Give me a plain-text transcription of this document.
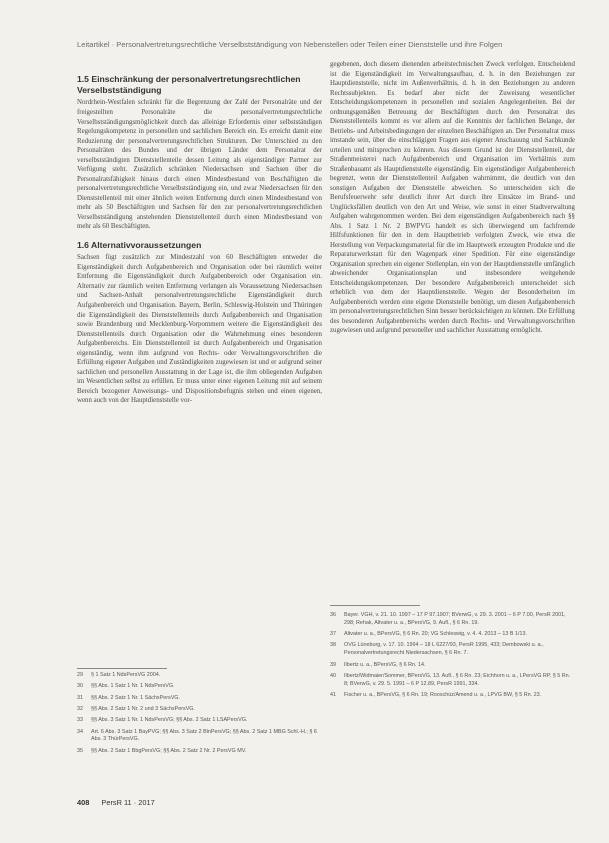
Leitartikel · Personalvertretungsrechtliche Verselbstständigung von Nebenstellen oder Teilen einer Dienststelle und ihre Folgen
1.5 Einschränkung der personalvertretungsrechtlichen Verselbstständigung

Nordrhein-Westfalen schränkt für die Begrenzung der Zahl der Personalräte und der freigestellten Personalräte die personalvertretungsrechtliche Verselbstständigungsmöglichkeit durch das alleinige Erfordernis einer selbstständigen Regelungskompetenz in personellen und sachlichen Bereich ein. Es erreicht damit eine Reduzierung der personalvertretungsrechtlichen Strukturen. Der Unterschied zu den Personalräten des Bundes und der übrigen Länder dem Personalrat der verselbstständigten Dienststellenteile dessen Leitung als eigenständiger Partner zur Verfügung steht. Zusätzlich schränken Niedersachsen und Sachsen über die Personalratsfähigkeit hinaus durch einen Mindestbestand von Beschäftigten die personalvertretungsrechtliche Verselbstständigung ein, und zwar Niedersachsen für den Dienststellenteil mit einer ähnlich weiten Entfernung durch einen Mindestbestand von mehr als 50 Beschäftigten und Sachsen für den zur personalvertretungsrechtlichen Verselbstständigung anstehenden Dienststellenteil durch einen Mindestbestand von mehr als 60 Beschäftigten.

1.6 Alternativvoraussetzungen

Sachsen fügt zusätzlich zur Mindestzahl von 60 Beschäftigten entweder die Eigenständigkeit durch Aufgabenbereich und Organisation oder bei räumlich weiter Entfernung die Eigenständigkeit durch Aufgabenbereich oder Organisation ein. Alternativ zur räumlich weiten Entfernung verlangen als Voraussetzung Niedersachsen und Sachsen-Anhalt personalvertretungsrechtliche Eigenständigkeit durch Aufgabenbereich und Organisation. Bayern, Berlin, Schleswig-Holstein und Thüringen die Eigenständigkeit des Dienststellenteils durch Aufgabenbereich und Organisation sowie Brandenburg und Mecklenburg-Vorpommern weitere die Eigenständigkeit des Dienststellenteils durch Organisation oder die Wahrnehmung eines besonderen Aufgabenbereichs. Ein Dienststellenteil ist durch Aufgabenbereich und Organisation eigenständig, wenn ihm aufgrund von Rechts- oder Verwaltungsvorschriften die Erfüllung eigener Aufgaben und Zuständigkeiten zugewiesen ist und er aufgrund seiner sachlichen und personellen Ausstattung in der Lage ist, die ihm obliegenden Aufgaben im Wesentlichen selbst zu erfüllen. Er muss unter einer eigenen Leitung mit auf seinem Bereich bezogener Anweisungs- und Dispositionsbefugnis stehen und einen eigenen, wenn auch von der Hauptdienststelle vor-

gegebenen, doch diesem dienenden arbeitstechnischen Zweck verfolgen. Entscheidend ist die Eigenständigkeit im Verwaltungsaufbau, d. h. in den Beziehungen zur Hauptdienststelle, nicht im Außenverhältnis, d. h. in den Beziehungen zu anderen Rechtssubjekten. Es bedarf aber nicht der Zuweisung wesentlicher Entscheidungskompetenzen in personellen und sozialen Angelegenheiten. Bei der ordnungsgemäßen Betreuung der Beschäftigten durch den Personalrat des Dienststellenteils kommt es vor allem auf die Kenntnis der fachlichen Belange, der Betriebs- und Arbeitsbedingungen der einzelnen Beschäftigten an. Der Personalrat muss imstande sein, über die einschlägigen Fragen aus eigener Anschauung und Sachkunde urteilen und mitsprechen zu können. Aus diesem Grund ist der Dienststellenteil, der Straßenmeisterei nach Aufgabenbereich und Organisation im Verhältnis zum Straßenbauamt als Hauptdienststelle eigenständig. Ein eigenständiger Aufgabenbereich begrenzt, wenn der Dienststellenteil Aufgaben wahrnimmt, die deutlich von den sonstigen Aufgaben der Dienststelle abweichen. So unterscheiden sich die Berufsfeuerwehr sehr deutlich ihrer Art durch ihre Einsätze im Brand- und Unglücksfällen deutlich von den Art und Weise, wie sonst in einer Stadtverwaltung Aufgaben wahrgenommen werden. Bei dem eigenständigen Aufgabenbereich nach §§ Abs. 1 Satz 1 Nr. 2 BWPVG handelt es sich überwiegend um fachfremde Hilfsfunktionen für den in dem Hauptbetrieb verfolgten Zweck, wie etwa die Herstellung von Verpackungsmaterial für die im Hauptwerk erzeugten Produkte und die Reparaturwerkstatt für den Wagenpark einer Spedition. Für eine eigenständige Organisation sprechen ein eigener Stellenplan, ein von der Hauptdienststelle umfänglich abweichender Organisationsplan und insbesondere weitgehende Entscheidungskompetenzen. Der besondere Aufgabenbereich unterscheidet sich erheblich von dem der Hauptdienststelle. Wegen der Besonderheiten im Aufgabenbereich werden eine eigene Dienststelle benötigt, um diesen Aufgabenbereich im personalvertretungsrechtlichen Sinn besser berücksichtigen zu können. Die Erfüllung des besonderen Aufgabenbereichs werden durch Rechts- und Verwaltungsvorschriften zugewiesen und aufgrund personeller und sachlicher Ausstattung ermöglicht.

29	§ 1 Satz 1 NdsPersVG 2004.
30	§§ Abs. 1 Satz 1 Nr. 1 NdsPersVG.
31	§§ Abs. 2 Satz 1 Nr. 1 SächsPersVG.
32	§§ Abs. 2 Satz 1 Nr. 2 und 3 SächsPersVG.
33	§§ Abs. 3 Satz 1 Nr. 1 NdsPersVG; §§ Abs. 2 Satz 1 LSAPersVG.
34	Art. 6 Abs. 3 Satz 1 BayPVG; §§ Abs. 3 Satz 2 BlnPersVG; §§ Abs. 2 Satz 1 MBG Schl.-H.; § 6 Abs. 3 ThürPersVG.
35	§§ Abs. 2 Satz 1 BbgPersVG; §§ Abs. 2 Satz 2 Nr. 2 PersVG MV.
36	Bayer. VGH, v. 21. 10. 1997 – 17 P 97.1907; BVerwG, v. 29. 3. 2001 – 6 P 7.00, PersR 2001, 298; Rehak, Altvater u. a., BPersVG, 9. Aufl., § 6 Rn. 19.
37	Altvater u. a., BPersVG, § 6 Rn. 20; VG Schleswig, v. 4. 4. 2013 – 13 B 1/13.
38	OVG Lüneburg, v. 17. 10. 1994 – 18 L 6227/93, PersR 1995, 433; Dembowski u. a., Personalvertretungsrecht Niedersachsen, § 6 Rn. 7.
39	Ilbertz u. a., BPersVG, § 6 Rn. 14.
40	Ilbertz/Widmaier/Sommer, BPersVG, 13. Aufl., § 6 Rn. 23; Eichhorn u. a., LPersVG RP, § 5 Rn. 8; BVerwG, v. 29. 5. 1991 – 6 P 12.89, PersR 1991, 334.
41	Fischer u. a., BPersVG, § 6 Rn. 19; Rooschüz/Amend u. a., LPVG BW, § 5 Rn. 23.
408 PersR 11 · 2017
